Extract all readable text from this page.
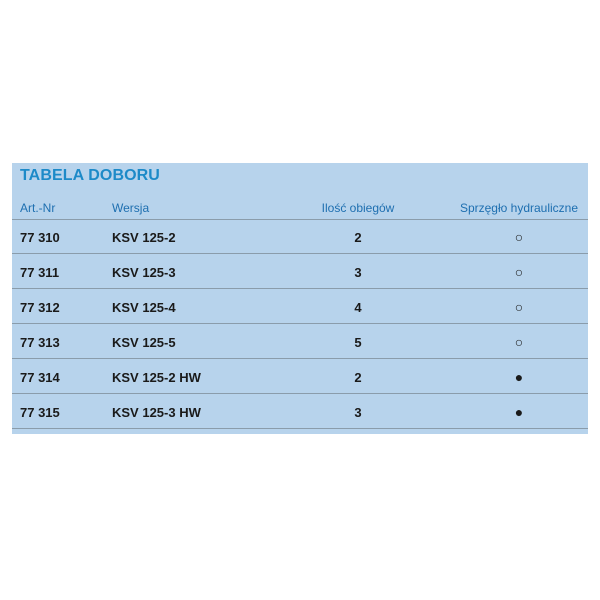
TABELA DOBORU
Art.-Nr	Wersja	Ilość obiegów	Sprzęgło hydrauliczne
77 310	KSV 125-2	2	○
77 311	KSV 125-3	3	○
77 312	KSV 125-4	4	○
77 313	KSV 125-5	5	○
77 314	KSV 125-2 HW	2	●
77 315	KSV 125-3 HW	3	●
